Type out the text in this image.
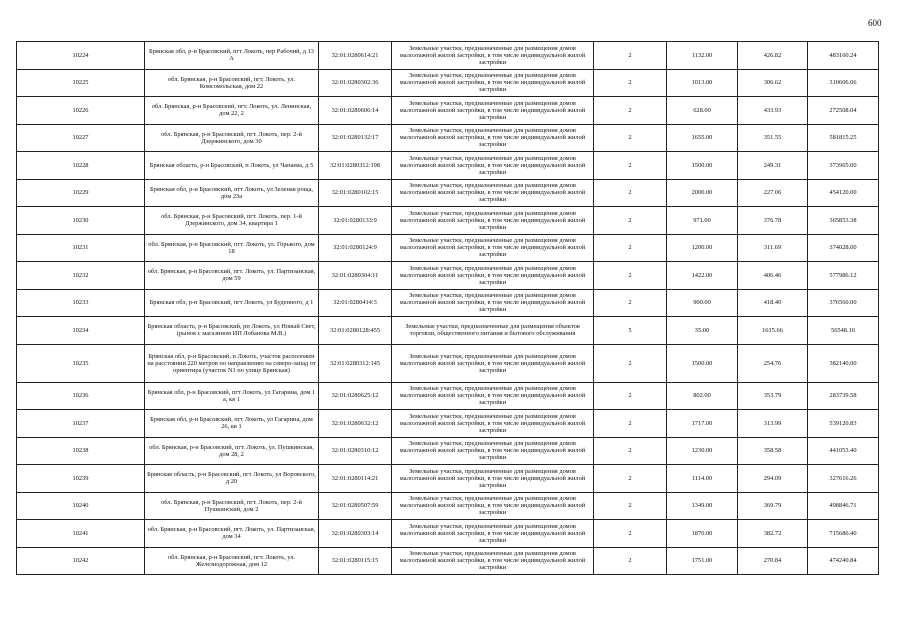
600
10224	Брянская обл, р-н Брасовский, пгт Локоть, пер Рабочий, д 13 А	32:01:0280614:21	Земельные участки, предназначенные для размещения домов малоэтажной жилой застройки, в том числе индивидуальной жилой застройки	2	1132.00	426.82	483160.24
10225	обл. Брянская, р-н Брасовский, пгт. Локоть, ул. Комсомольская, дом 22	32:01:0280302:36	Земельные участки, предназначенные для размещения домов малоэтажной жилой застройки, в том числе индивидуальной жилой застройки	2	1013.00	306.62	310606.06
10226	обл. Брянская, р-н Брасовский, пгт. Локоть, ул. Ленинская, дом 22, 2	32:01:0280606:14	Земельные участки, предназначенные для размещения домов малоэтажной жилой застройки, в том числе индивидуальной жилой застройки	2	628.00	433.93	272508.04
10227	обл. Брянская, р-н Брасовский, пгт. Локоть, пер. 2-й Дзержинского, дом 30	32:01:0280132:17	Земельные участки, предназначенные для размещения домов малоэтажной жилой застройки, в том числе индивидуальной жилой застройки	2	1655.00	351.55	581815.25
10228	Брянская область, р-н Брасовский, п Локоть, ул Чапаева, д 5	32:01:0280312:198	Земельные участки, предназначенные для размещения домов малоэтажной жилой застройки, в том числе индивидуальной жилой застройки	2	1500.00	249.31	373965.00
10229	Брянская обл, р-н Брасовский, пгт Локоть, ул Зеленая роща, дом 23а	32:01:0280102:15	Земельные участки, предназначенные для размещения домов малоэтажной жилой застройки, в том числе индивидуальной жилой застройки	2	2000.00	227.06	454120.00
10230	обл. Брянская, р-н Брасовский, пгт. Локоть, пер. 1-й Дзержинского, дом 34, квартира 1	32:01:0280133:9	Земельные участки, предназначенные для размещения домов малоэтажной жилой застройки, в том числе индивидуальной жилой застройки	2	971.00	376.78	365853.38
10231	обл. Брянская, р-н Брасовский, пгт. Локоть, ул. Горького, дом 18	32:01:0280124:9	Земельные участки, предназначенные для размещения домов малоэтажной жилой застройки, в том числе индивидуальной жилой застройки	2	1200.00	311.69	374028.00
10232	обл. Брянская, р-н Брасовский, пгт. Локоть, ул. Партизанская, дом 59	32:01:0280304:11	Земельные участки, предназначенные для размещения домов малоэтажной жилой застройки, в том числе индивидуальной жилой застройки	2	1422.00	406.46	577986.12
10233	Брянская обл, р-н Брасовский, пгт Локоть, ул Буденного, д 1	32:01:0280414:3	Земельные участки, предназначенные для размещения домов малоэтажной жилой застройки, в том числе индивидуальной жилой застройки	2	900.00	418.40	376560.00
10234	Брянская область, р-н Брасовский, рп Локоть, ул Новый Свет, (рынок с магазином ИП Лобанова М.В.)	32:01:0280128:455	Земельные участки, предназначенные для размещения объектов торговли, общественного питания и бытового обслуживания	5	35.00	1615.66	56548.10
10235	Брянская обл, р-н Брасовский, п Локоть, участок расположен на расстоянии 220 метров по направлению на северо-запад от ориентира (участок N1 по улице Брянская)	32:01:0280312:145	Земельные участки, предназначенные для размещения домов малоэтажной жилой застройки, в том числе индивидуальной жилой застройки	2	1500.00	254.76	382140.00
10236	Брянская обл, р-н Брасовский, пгт Локоть, ул Гагарина, дом 1 а, кв 1	32:01:0280625:12	Земельные участки, предназначенные для размещения домов малоэтажной жилой застройки, в том числе индивидуальной жилой застройки	2	802.00	353.79	283739.58
10237	Брянская обл, р-н Брасовский, пгт Локоть, ул Гагарина, дом 26, кв 1	32:01:0280632:12	Земельные участки, предназначенные для размещения домов малоэтажной жилой застройки, в том числе индивидуальной жилой застройки	2	1717.00	313.99	539120.83
10238	обл. Брянская, р-н Брасовский, пгт. Локоть, ул. Пушкинская, дом 28, 2	32:01:0280310:12	Земельные участки, предназначенные для размещения домов малоэтажной жилой застройки, в том числе индивидуальной жилой застройки	2	1230.00	358.58	441053.40
10239	Брянская область, р-н Брасовский, пгт Локоть, ул Воровского, д 20	32:01:0280114:21	Земельные участки, предназначенные для размещения домов малоэтажной жилой застройки, в том числе индивидуальной жилой застройки	2	1114.00	294.09	327616.26
10240	обл. Брянская, р-н Брасовский, пгт. Локоть, пер. 2-й Пушкинский, дом 2	32:01:0280507:59	Земельные участки, предназначенные для размещения домов малоэтажной жилой застройки, в том числе индивидуальной жилой застройки	2	1349.00	369.79	498846.71
10241	обл. Брянская, р-н Брасовский, пгт. Локоть, ул. Партизанская, дом 34	32:01:0280303:14	Земельные участки, предназначенные для размещения домов малоэтажной жилой застройки, в том числе индивидуальной жилой застройки	2	1870.00	382.72	715686.40
10242	обл. Брянская, р-н Брасовский, пгт. Локоть, ул. Железнодорожная, дом 12	32:01:0280115:15	Земельные участки, предназначенные для размещения домов малоэтажной жилой застройки, в том числе индивидуальной жилой застройки	2	1751.00	270.84	474240.84
